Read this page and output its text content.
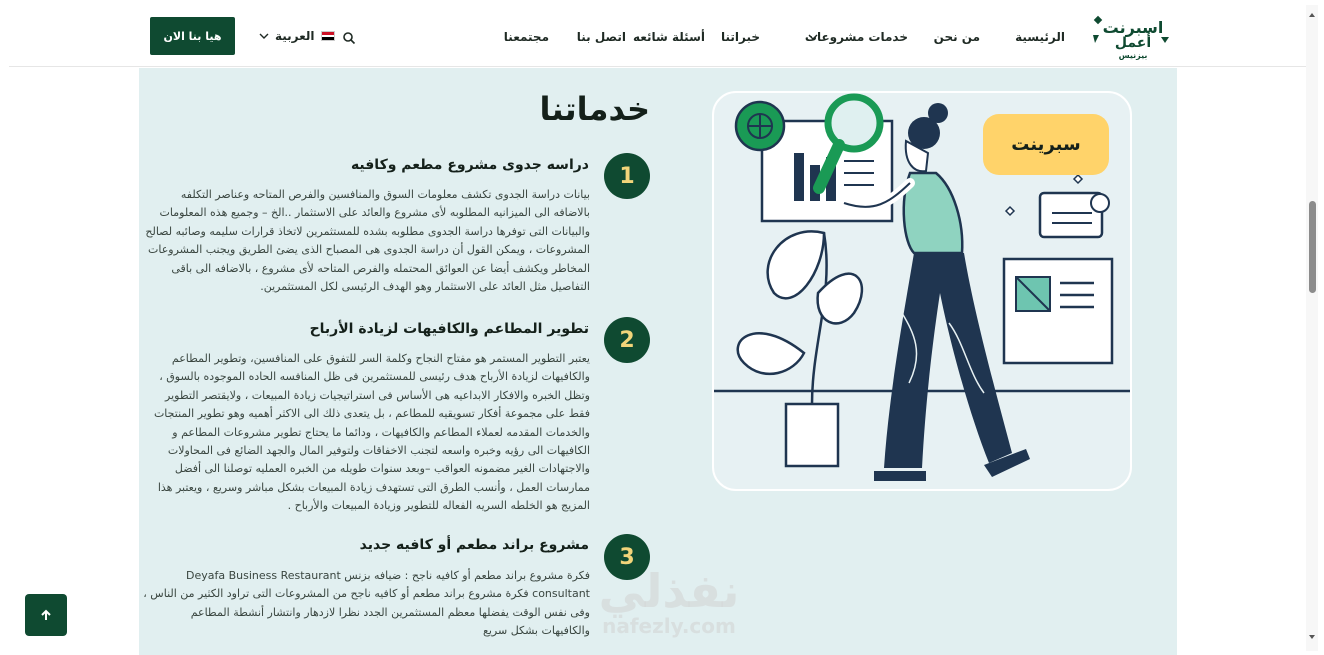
اسبرنت
أعمل
بيزنيس
الرئيسية
من نحن
خدمات مشروعات
خبراتنا
أسئلة شائعه
اتصل بنا
مجتمعنا
العربية
هيا بنا الان
خدماتنا
1
دراسه جدوى مشروع مطعم وكافيه
بيانات دراسة الجدوى تكشف معلومات السوق والمنافسين والفرص المتاحه وعناصر التكلفه بالاضافه الى الميزانيه المطلوبه لأى مشروع والعائد على الاستثمار ..الخ – وجميع هذه المعلومات والبيانات التى توفرها دراسة الجدوى مطلوبه بشده للمستثمرين لاتخاذ قرارات سليمه وصائبه لصالح المشروعات ، ويمكن القول أن دراسة الجدوى هى المصباح الذى يضئ الطريق ويجنب المشروعات المخاطر ويكشف أيضا عن العوائق المحتمله والفرص المتاحه لأى مشروع ، بالاضافه الى باقى التفاصيل مثل العائد على الاستثمار وهو الهدف الرئيسى لكل المستثمرين.
2
تطوير المطاعم والكافيهات لزيادة الأرباح
يعتبر التطوير المستمر هو مفتاح النجاح وكلمة السر للتفوق على المنافسين، وتطوير المطاعم والكافيهات لزيادة الأرباح هدف رئيسى للمستثمرين فى ظل المنافسه الحاده الموجوده بالسوق ، وتظل الخبره والافكار الابداعيه هى الأساس فى استراتيجيات زيادة المبيعات ، ولايقتصر التطوير فقط على مجموعة أفكار تسويقيه للمطاعم ، بل يتعدى ذلك الى الاكثر أهميه وهو تطوير المنتجات والخدمات المقدمه لعملاء المطاعم والكافيهات ، ودائما ما يحتاج تطوير مشروعات المطاعم و الكافيهات الى رؤيه وخبره واسعه لتجنب الاخفاقات ولتوفير المال والجهد الضائع فى المحاولات والاجتهادات الغير مضمونه العواقب –وبعد سنوات طويله من الخبره العمليه توصلنا الى أفضل ممارسات العمل ، وأنسب الطرق التى تستهدف زيادة المبيعات بشكل مباشر وسريع ، ويعتبر هذا المزيج هو الخلطه السريه الفعاله للتطوير وزيادة المبيعات والأرباح .
3
مشروع براند مطعم أو كافيه جديد
فكرة مشروع براند مطعم أو كافيه ناجح : ضيافه بزنس Deyafa Business Restaurant consultant فكرة مشروع براند مطعم أو كافيه ناجح من المشروعات التى تراود الكثير من الناس ، وفى نفس الوقت يفضلها معظم المستثمرين الجدد نظرا لازدهار وانتشار أنشطة المطاعم والكافيهات بشكل سريع
سبرينت
نفذلي
nafezly.com
